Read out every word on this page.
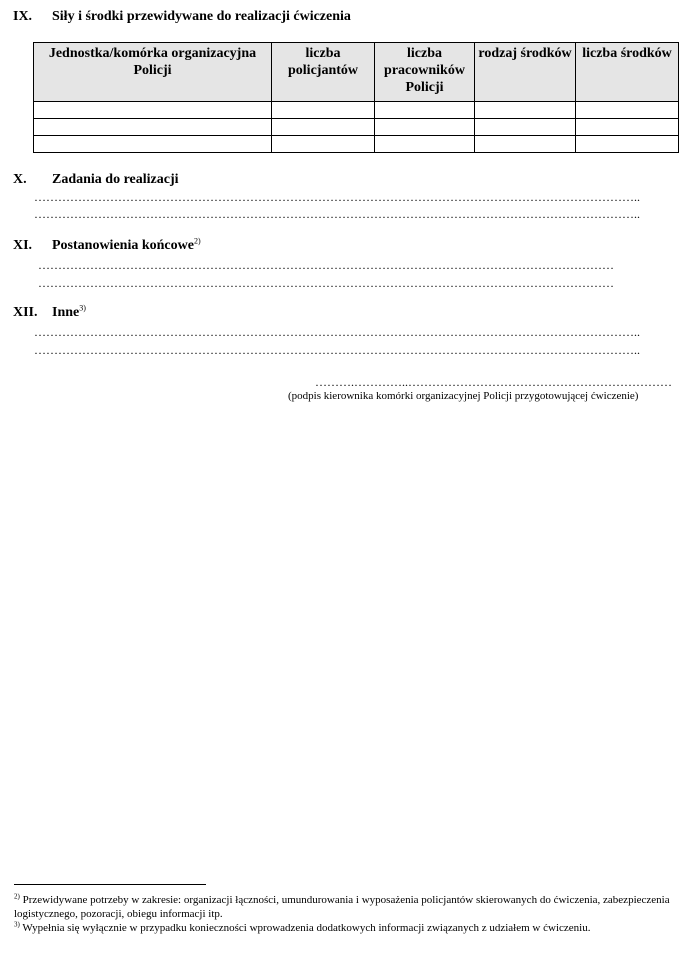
IX. Siły i środki przewidywane do realizacji ćwiczenia
Jednostka/komórka organizacyjna Policji	liczba policjantów	liczba pracowników Policji	rodzaj środków	liczba środków

X. Zadania do realizacji
……………………………………………………………………………………………………………………………………..
……………………………………………………………………………………………………………………………………..
XI. Postanowienia końcowe$^{2)}$
………………………………………………………………………………………………………………………………
………………………………………………………………………………………………………………………………
XII. Inne$^{3)}$
……………………………………………………………………………………………………………………………………..
……………………………………………………………………………………………………………………………………..
……….…………..…………………………………………………………
(podpis kierownika komórki organizacyjnej Policji przygotowującej ćwiczenie)
$^{2)}$ Przewidywane potrzeby w zakresie: organizacji łączności, umundurowania i wyposażenia policjantów skierowanych do ćwiczenia, zabezpieczenia logistycznego, pozoracji, obiegu informacji itp.
$^{3)}$ Wypełnia się wyłącznie w przypadku konieczności wprowadzenia dodatkowych informacji związanych z udziałem w ćwiczeniu.
